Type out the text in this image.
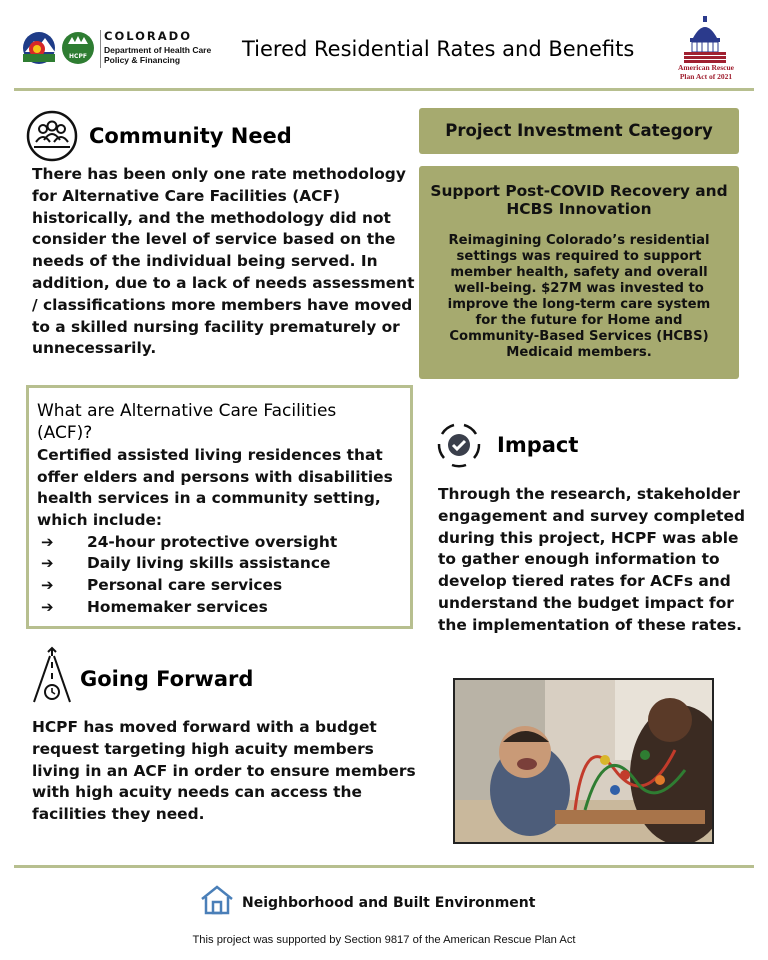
HCPF
COLORADO
Department of Health Care
Policy & Financing	Tiered Residential Rates and Benefits
American Rescue
Plan Act of 2021
Community Need
There has been only one rate methodology
for Alternative Care Facilities (ACF)
historically, and the methodology did not
consider the level of service based on the
needs of the individual being served. In
addition, due to a lack of needs assessment
/ classifications more members have moved
to a skilled nursing facility prematurely or
unnecessarily.
Project Investment Category
Support Post-COVID Recovery and
HCBS Innovation
Reimagining Colorado’s residential
settings was required to support
member health, safety and overall
well-being. $27M was invested to
improve the long-term care system
for the future for Home and
Community-Based Services (HCBS)
Medicaid members.
What are Alternative Care Facilities
(ACF)?
Certified assisted living residences that
offer elders and persons with disabilities
health services in a community setting,
which include:
➔	24-hour protective oversight
➔	Daily living skills assistance
➔	Personal care services
➔	Homemaker services
Impact
Through the research, stakeholder
engagement and survey completed
during this project, HCPF was able
to gather enough information to
develop tiered rates for ACFs and
understand the budget impact for
the implementation of these rates.
Going Forward
HCPF has moved forward with a budget
request targeting high acuity members
living in an ACF in order to ensure members
with high acuity needs can access the
facilities they need.
Neighborhood and Built Environment
This project was supported by Section 9817 of the American Rescue Plan Act
